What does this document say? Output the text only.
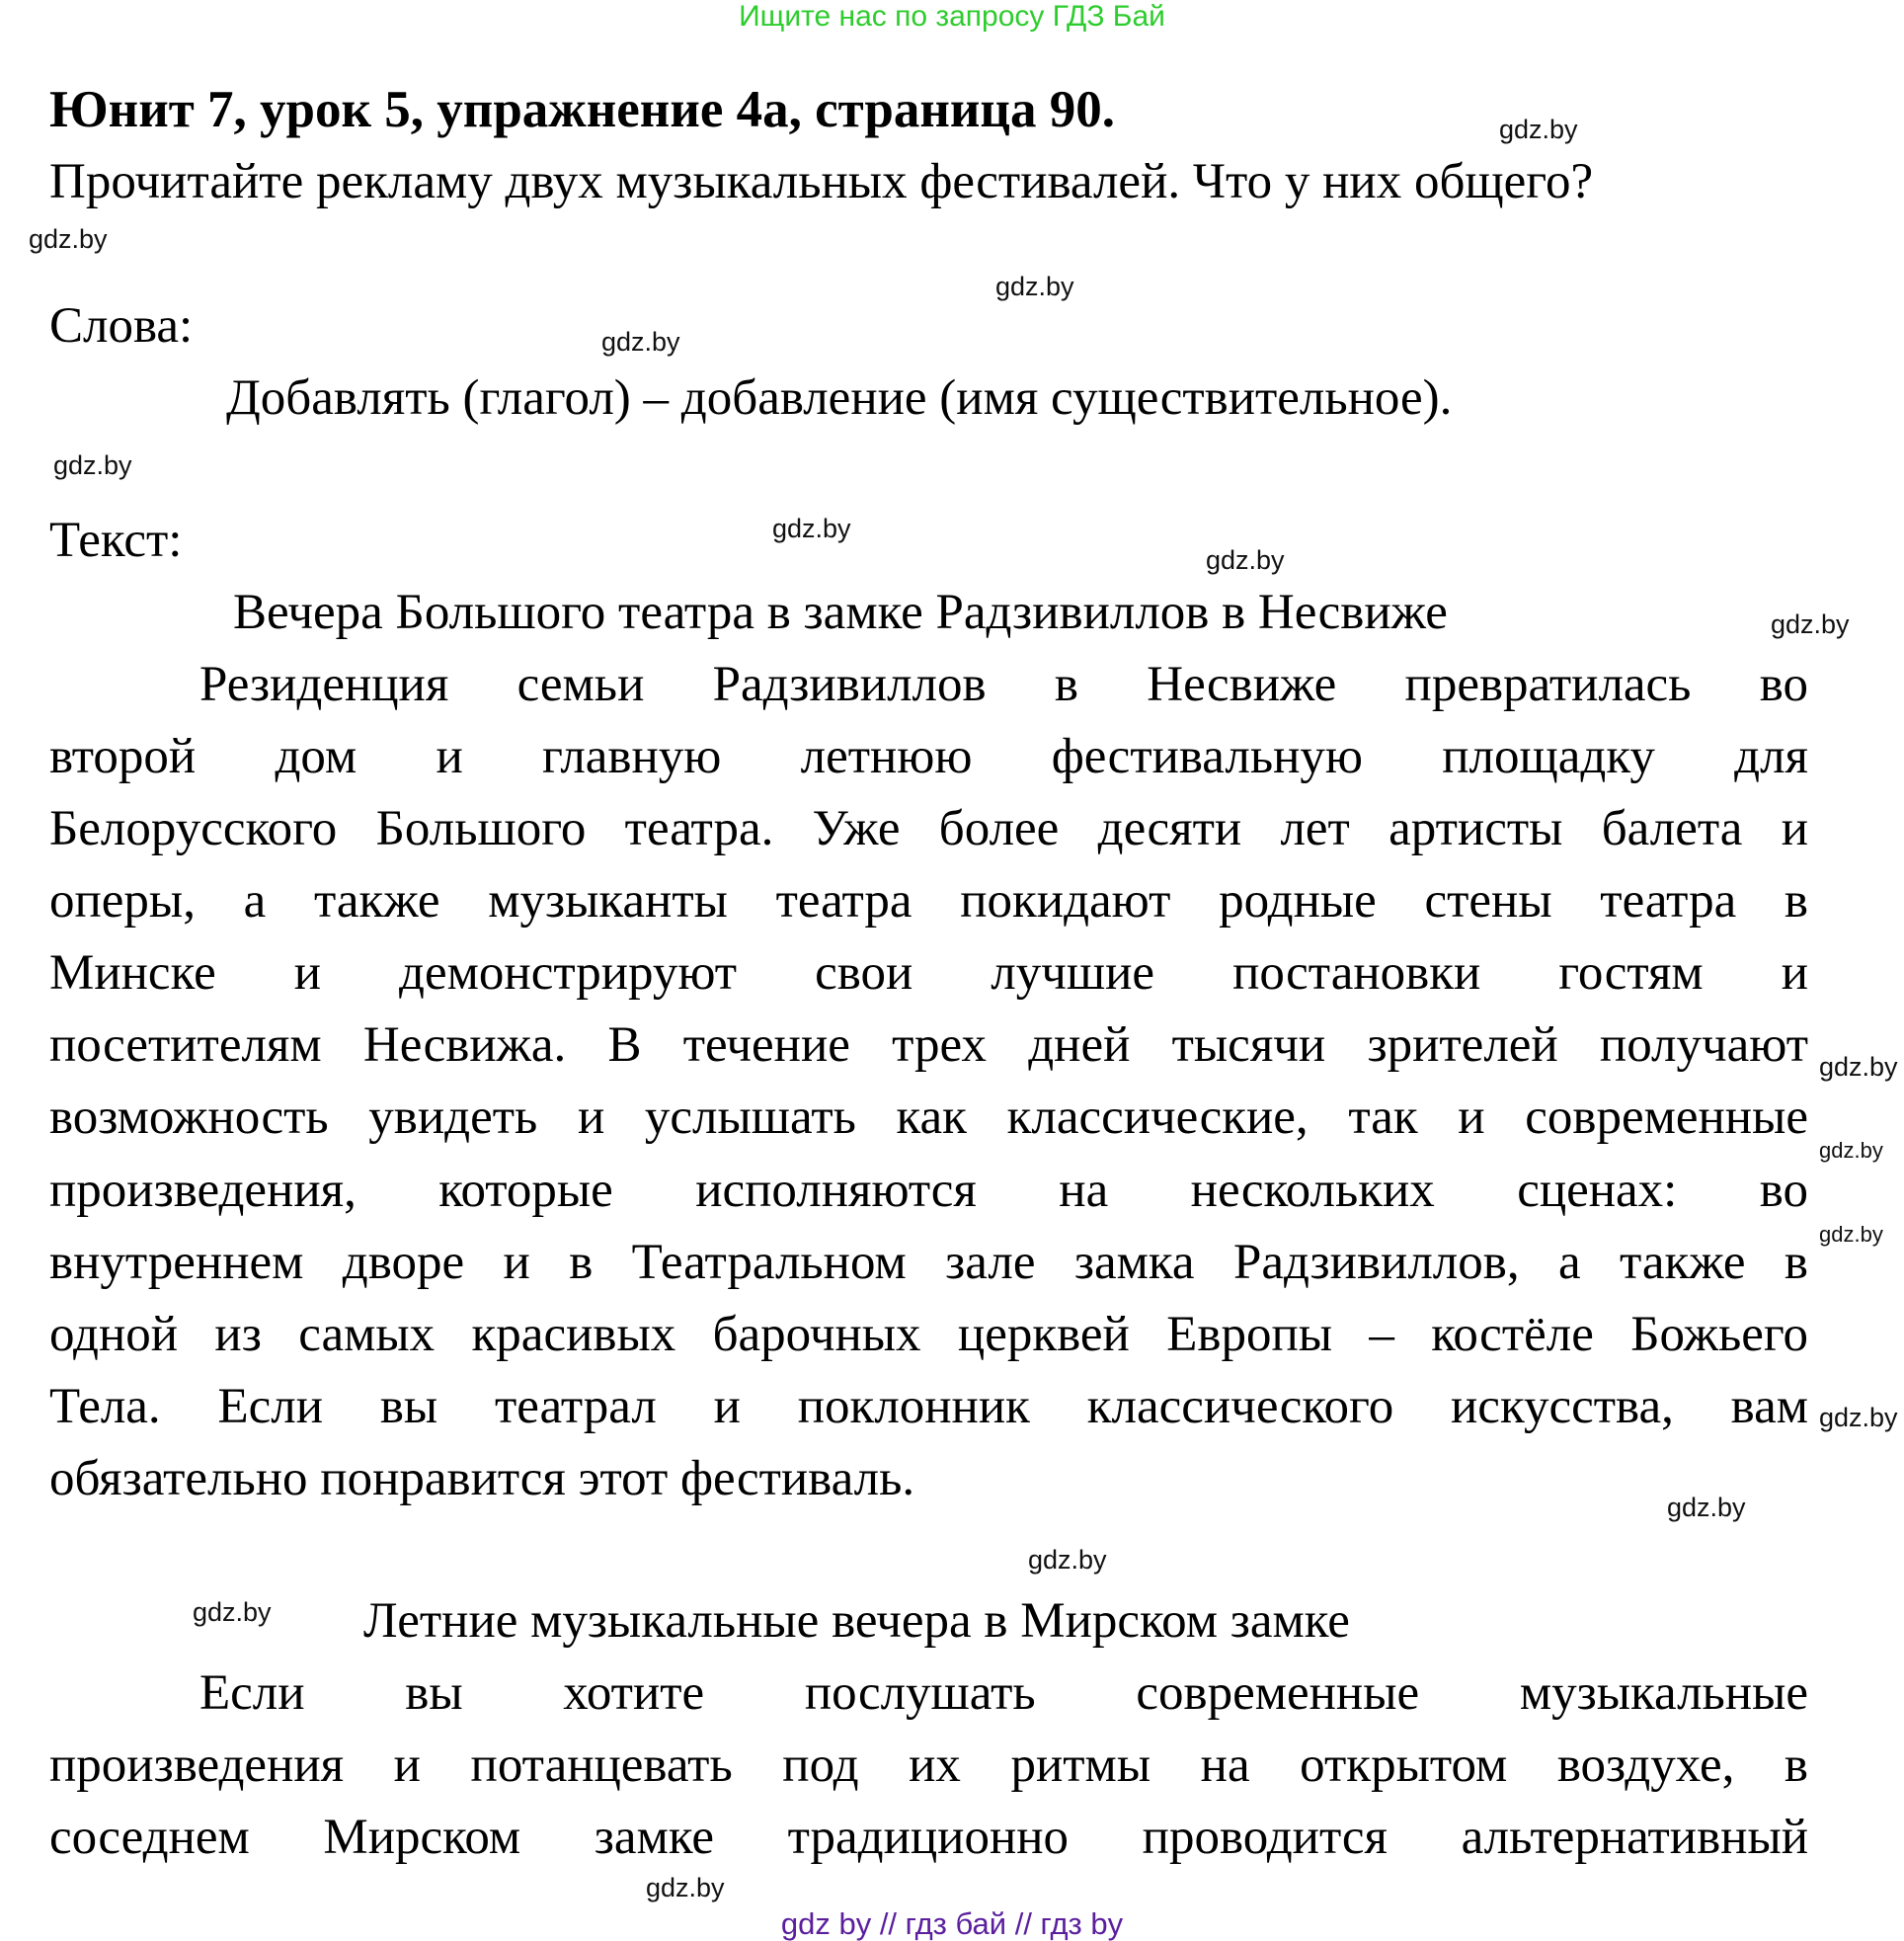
Ищите нас по запросу ГДЗ Бай
Юнит 7, урок 5, упражнение 4а, страница 90.
Прочитайте рекламу двух музыкальных фестивалей. Что у них общего?
Слова:
Добавлять (глагол) – добавление (имя существительное).
Текст:
Вечера Большого театра в замке Радзивиллов в Несвиже
Резиденция семьи Радзивиллов в Несвиже превратилась во
второй дом и главную летнюю фестивальную площадку для
Белорусского Большого театра. Уже более десяти лет артисты балета и
оперы, а также музыканты театра покидают родные стены театра в
Минске и демонстрируют свои лучшие постановки гостям и
посетителям Несвижа. В течение трех дней тысячи зрителей получают
возможность увидеть и услышать как классические, так и современные
произведения, которые исполняются на нескольких сценах: во
внутреннем дворе и в Театральном зале замка Радзивиллов, а также в
одной из самых красивых барочных церквей Европы – костёле Божьего
Тела. Если вы театрал и поклонник классического искусства, вам
обязательно понравится этот фестиваль.
Летние музыкальные вечера в Мирском замке
Если вы хотите послушать современные музыкальные
произведения и потанцевать под их ритмы на открытом воздухе, в
соседнем Мирском замке традиционно проводится альтернативный
gdz.by
gdz.by
gdz.by
gdz.by
gdz.by
gdz.by
gdz.by
gdz.by
gdz.by
gdz.by
gdz.by
gdz.by
gdz.by
gdz.by
gdz.by
gdz.by
gdz by // гдз бай // гдз by
